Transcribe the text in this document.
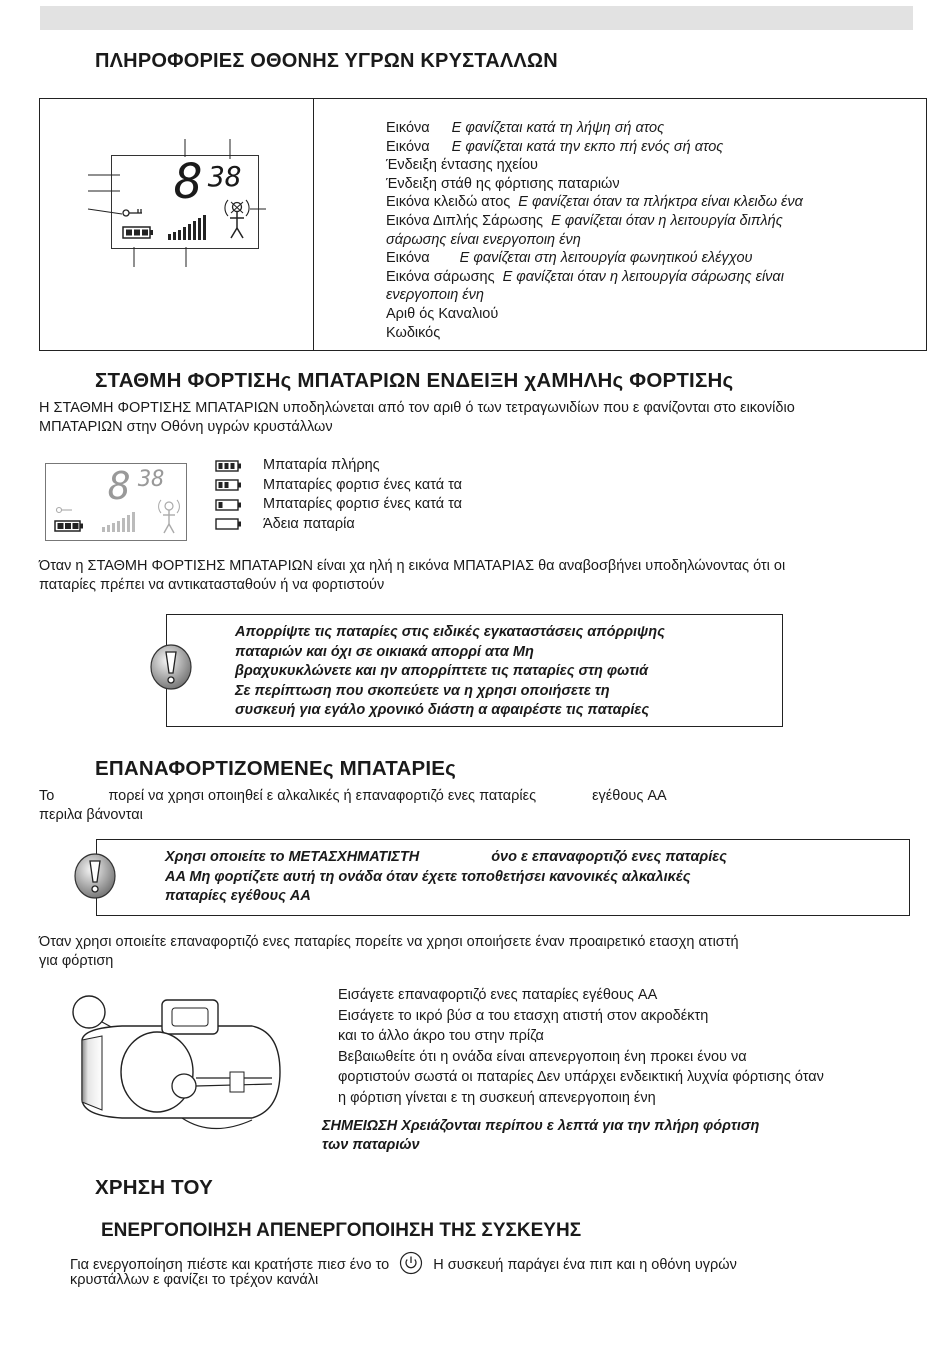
ΠΛΗΡΟΦΟΡΙΕΣ ΟΘΟΝΗΣ ΥΓΡΩΝ ΚΡΥΣΤΑΛΛΩΝ
8 38
Εικόνα Ε φανίζεται κατά τη λήψη σή ατος
Εικόνα Ε φανίζεται κατά την εκπο πή ενός σή ατος
Ένδειξη έντασης ηχείου
Ένδειξη στάθ ης φόρτισης παταριών
Εικόνα κλειδώ ατος Ε φανίζεται όταν τα πλήκτρα είναι κλειδω ένα
Εικόνα Διπλής Σάρωσης Ε φανίζεται όταν η λειτουργία διπλής
σάρωσης είναι ενεργοποιη ένη
Εικόνα Ε φανίζεται στη λειτουργία φωνητικού ελέγχου
Εικόνα σάρωσης Ε φανίζεται όταν η λειτουργία σάρωσης είναι
ενεργοποιη ένη
Αριθ ός Καναλιού
Κωδικός
ΣΤΑΘΜΗ ΦΟΡΤΙΣΗς ΜΠΑΤΑΡΙΩΝ ΕΝΔΕΙΞΗ χΑΜΗΛΗς ΦΟΡΤΙΣΗς
Η ΣΤΑΘΜΗ ΦΟΡΤΙΣΗΣ ΜΠΑΤΑΡΙΩΝ υποδηλώνεται από τον αριθ ό των τετραγωνιδίων που ε φανίζονται στο εικονίδιο
ΜΠΑΤΑΡΙΩΝ στην Οθόνη υγρών κρυστάλλων
8 38
Μπαταρία πλήρης
Μπαταρίες φορτισ ένες κατά τα
Μπαταρίες φορτισ ένες κατά τα
Άδεια παταρία
Όταν η ΣΤΑΘΜΗ ΦΟΡΤΙΣΗΣ ΜΠΑΤΑΡΙΩΝ είναι χα ηλή η εικόνα ΜΠΑΤΑΡΙΑΣ θα αναβοσβήνει υποδηλώνοντας ότι οι
παταρίες πρέπει να αντικατασταθούν ή να φορτιστούν
Απορρίψτε τις παταρίες στις ειδικές εγκαταστάσεις απόρριψης
παταριών και όχι σε οικιακά απορρί ατα Μη
βραχυκυκλώνετε και ην απορρίπτετε τις παταρίες στη φωτιά
Σε περίπτωση που σκοπεύετε να η χρησι οποιήσετε τη
συσκευή για εγάλο χρονικό διάστη α αφαιρέστε τις παταρίες
ΕΠΑΝΑΦΟΡΤΙΖΟΜΕΝΕς ΜΠΑΤΑΡΙΕς
Το	πορεί να χρησι οποιηθεί ε αλκαλικές ή επαναφορτιζό ενες παταρίες	εγέθους AA
περιλα βάνονται
Χρησι οποιείτε το ΜΕΤΑΣΧΗΜΑΤΙΣΤΗ	όνο ε επαναφορτιζό ενες παταρίες
AA Μη φορτίζετε αυτή τη ονάδα όταν έχετε τοποθετήσει κανονικές αλκαλικές
παταρίες εγέθους AA
Όταν χρησι οποιείτε επαναφορτιζό ενες παταρίες πορείτε να χρησι οποιήσετε έναν προαιρετικό ετασχη ατιστή
για φόρτιση
Εισάγετε επαναφορτιζό ενες παταρίες εγέθους AA
Εισάγετε το ικρό βύσ α του ετασχη ατιστή στον ακροδέκτη
και το άλλο άκρο του στην πρίζα
Βεβαιωθείτε ότι η ονάδα είναι απενεργοποιη ένη προκει ένου να
φορτιστούν σωστά οι παταρίες Δεν υπάρχει ενδεικτική λυχνία φόρτισης όταν
η φόρτιση γίνεται ε τη συσκευή απενεργοποιη ένη
ΣΗΜΕΙΩΣΗ Χρειάζονται περίπου ε λεπτά για την πλήρη φόρτιση
των παταριών
ΧΡΗΣΗ ΤΟΥ
ΕΝΕΡΓΟΠΟΙΗΣΗ ΑΠΕΝΕΡΓΟΠΟΙΗΣΗ ΤΗΣ ΣΥΣΚΕΥΗΣ
Για ενεργοποίηση πιέστε και κρατήστε πιεσ ένο το	Η συσκευή παράγει ένα πιπ και η οθόνη υγρών
κρυστάλλων ε φανίζει το τρέχον κανάλι
